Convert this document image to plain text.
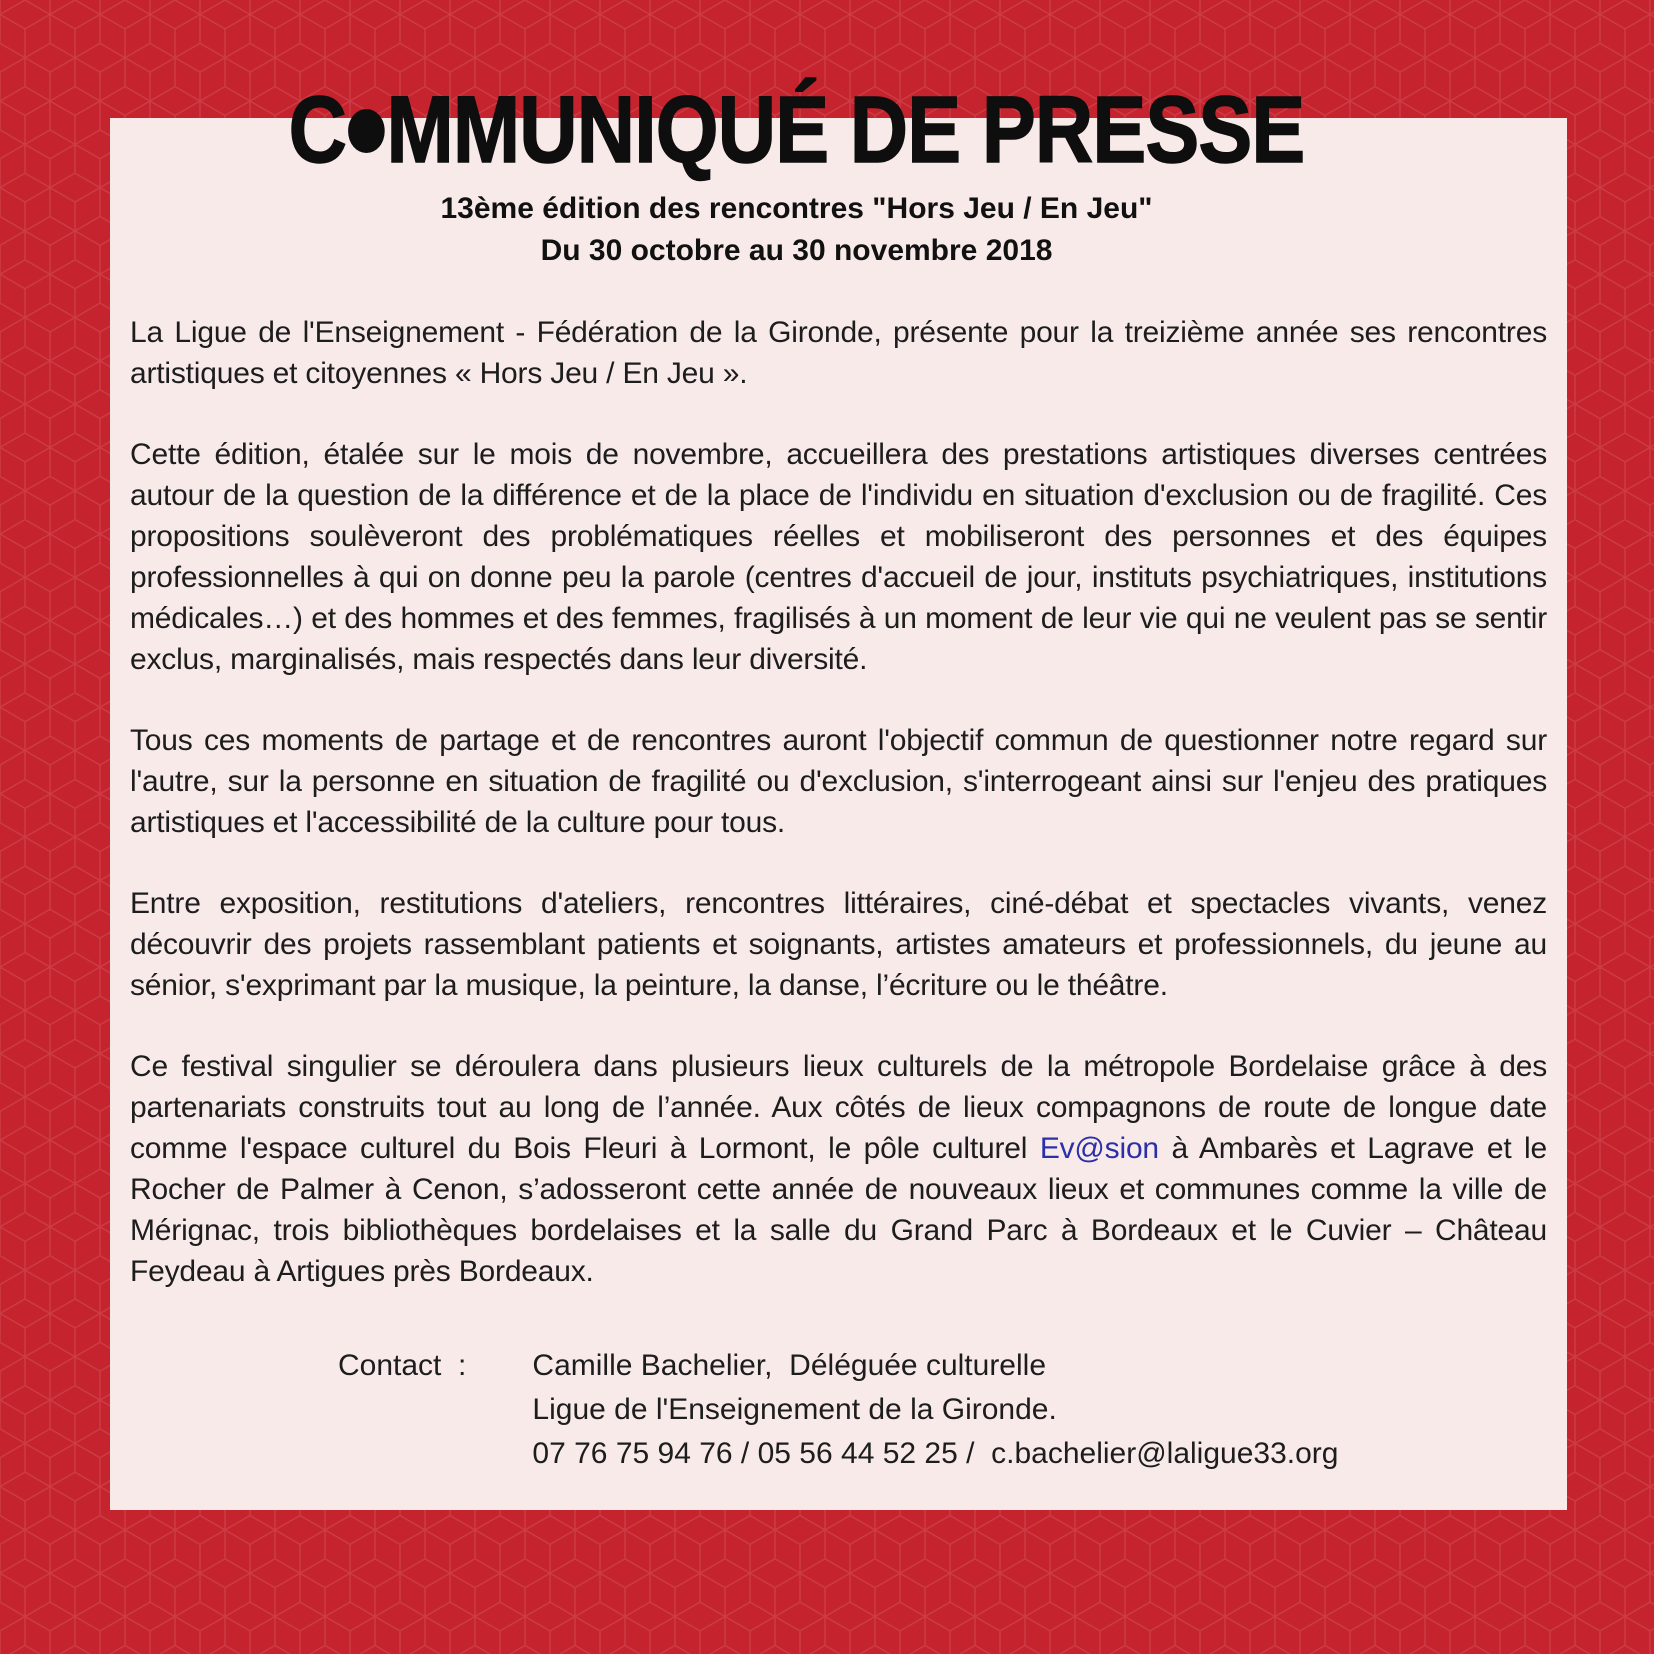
13ème édition des rencontres "Hors Jeu / En Jeu"
Du 30 octobre au 30 novembre 2018

La Ligue de l'Enseignement - Fédération de la Gironde, présente pour la treizième année ses rencontres artistiques et citoyennes « Hors Jeu / En Jeu ».

Cette édition, étalée sur le mois de novembre, accueillera des prestations artistiques diverses centrées autour de la question de la différence et de la place de l'individu en situation d'exclusion ou de fragilité. Ces propositions soulèveront des problématiques réelles et mobiliseront des personnes et des équipes professionnelles à qui on donne peu la parole (centres d'accueil de jour, instituts psychiatriques, institutions médicales…) et des hommes et des femmes, fragilisés à un moment de leur vie qui ne veulent pas se sentir exclus, marginalisés, mais respectés dans leur diversité.

Tous ces moments de partage et de rencontres auront l'objectif commun de questionner notre regard sur l'autre, sur la personne en situation de fragilité ou d'exclusion, s'interrogeant ainsi sur l'enjeu des pratiques artistiques et l'accessibilité de la culture pour tous.

Entre exposition, restitutions d'ateliers, rencontres littéraires, ciné-débat et spectacles vivants, venez découvrir des projets rassemblant patients et soignants, artistes amateurs et professionnels, du jeune au sénior, s'exprimant par la musique, la peinture, la danse, l’écriture ou le théâtre.

Ce festival singulier se déroulera dans plusieurs lieux culturels de la métropole Bordelaise grâce à des partenariats construits tout au long de l’année. Aux côtés de lieux compagnons de route de longue date comme l'espace culturel du Bois Fleuri à Lormont, le pôle culturel Ev@sion à Ambarès et Lagrave et le Rocher de Palmer à Cenon, s’adosseront cette année de nouveaux lieux et communes comme la ville de Mérignac, trois bibliothèques bordelaises et la salle du Grand Parc à Bordeaux et le Cuvier – Château Feydeau à Artigues près Bordeaux.

Contact  : Camille Bachelier,  Déléguée culturelle
Ligue de l'Enseignement de la Gironde.
07 76 75 94 76 / 05 56 44 52 25 /  c.bachelier@laligue33.org
C MMUNIQUÉ DE PRESSE
